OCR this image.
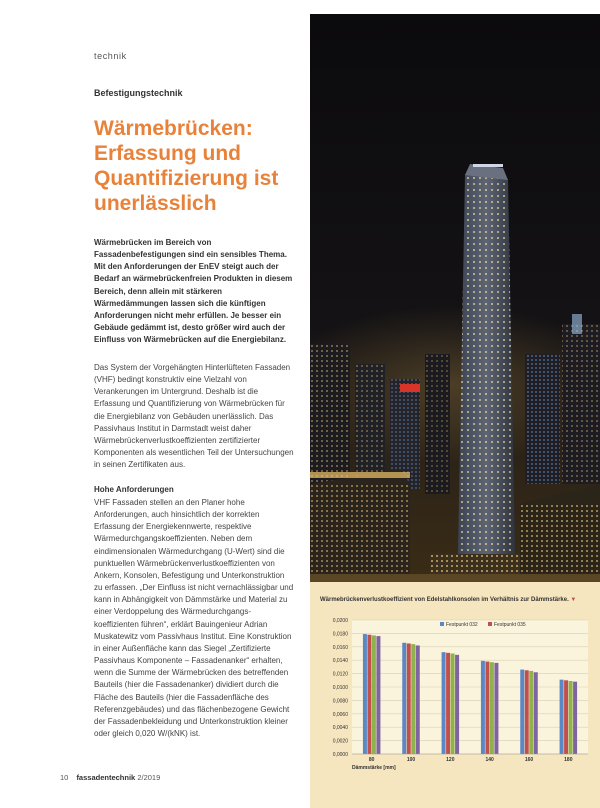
technik
Befestigungstechnik
Wärmebrücken: Erfassung und Quantifizierung ist unerlässlich

Wärmebrücken im Bereich von Fassadenbefestigungen sind ein sensibles Thema. Mit den Anforderungen der EnEV steigt auch der Bedarf an wärmebrückenfreien Produkten in diesem Bereich, denn allein mit stärkeren Wärmedämmungen lassen sich die künftigen Anforderungen nicht mehr erfüllen. Je besser ein Gebäude gedämmt ist, desto größer wird auch der Einfluss von Wärmebrücken auf die Energiebilanz.

Das System der Vorgehängten Hinterlüfteten Fassaden (VHF) bedingt konstruktiv eine Vielzahl von Verankerungen im Untergrund. Deshalb ist die Erfassung und Quantifizierung von Wärmebrücken für die Energiebilanz von Gebäuden unerlässlich. Das Passivhaus Institut in Darmstadt weist daher Wärmebrückenverlustkoeffizienten zertifizierter Komponenten als wesentlichen Teil der Untersuchungen in seinen Zertifikaten aus.

Hohe Anforderungen

VHF Fassaden stellen an den Planer hohe Anforderungen, auch hinsichtlich der korrekten Erfassung der Energiekennwerte, respektive Wärmedurchgangskoeffizienten. Neben dem eindimensionalen Wärmedurchgang (U-Wert) sind die punktuellen Wärmebrückenverlustkoeffizienten von Ankern, Konsolen, Befestigung und Unterkonstruktion zu erfassen. „Der Einfluss ist nicht vernachlässigbar und kann in Abhängigkeit von Dämmstärke und Material zu einer Verdoppelung des Wärmedurchgangs-koeffizienten führen“, erklärt Bauingenieur Adrian Muskatewitz vom Passivhaus Institut. Eine Konstruktion in einer Außenfläche kann das Siegel „Zertifizierte Passivhaus Komponente – Fassadenanker“ erhalten, wenn die Summe der Wärmebrücken des betreffenden Bauteils (hier die Fassadenanker) dividiert durch die Fläche des Bauteils (hier die Fassadenfläche des Referenzgebäudes) und das flächenbezogene Gewicht der Fassadenbekleidung und Unterkonstruktion kleiner oder gleich 0,020 W/(kNK) ist.

10 fassadentechnik 2/2019
Wärmebrückenverlustkoeffizient von Edelstahlkonsolen im Verhältnis zur Dämmstärke. ▼
0,0000
0,0020
0,0040
0,0060
0,0080
0,0100
0,0120
0,0140
0,0160
0,0180
0,0200
Festpunkt 032	Festpunkt 035
80	100	120	140	160	180
Dämmstärke [mm]
